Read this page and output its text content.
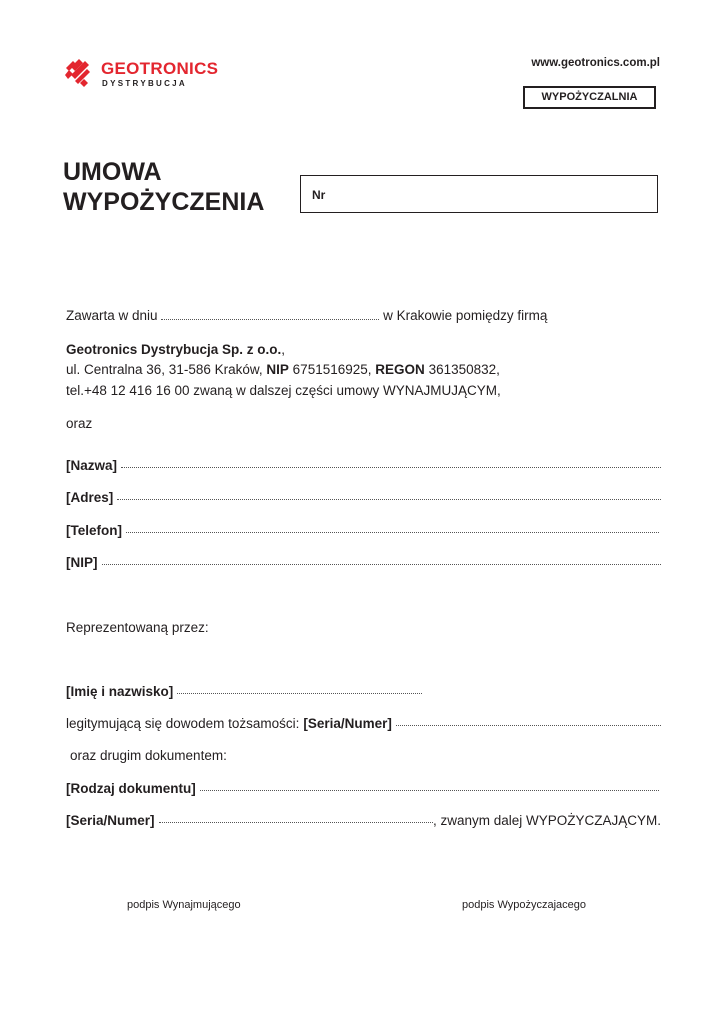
GEOTRONICS
DYSTRYBUCJA
www.geotronics.com.pl
WYPOŻYCZALNIA
UMOWA
WYPOŻYCZENIA	Nr
Zawarta w dniu	w Krakowie pomiędzy firmą
Geotronics Dystrybucja Sp. z o.o.,
ul. Centralna 36, 31-586 Kraków, NIP 6751516925, REGON 361350832,
tel.+48 12 416 16 00 zwaną w dalszej części umowy WYNAJMUJĄCYM,
oraz
[Nazwa]
[Adres]
[Telefon]
[NIP]
Reprezentowaną przez:
[Imię i nazwisko]
legitymującą się dowodem tożsamości: [Seria/Numer]
oraz drugim dokumentem:
[Rodzaj dokumentu]
[Seria/Numer]	, zwanym dalej WYPOŻYCZAJĄCYM.
podpis Wynajmującego	podpis Wypożyczajacego
